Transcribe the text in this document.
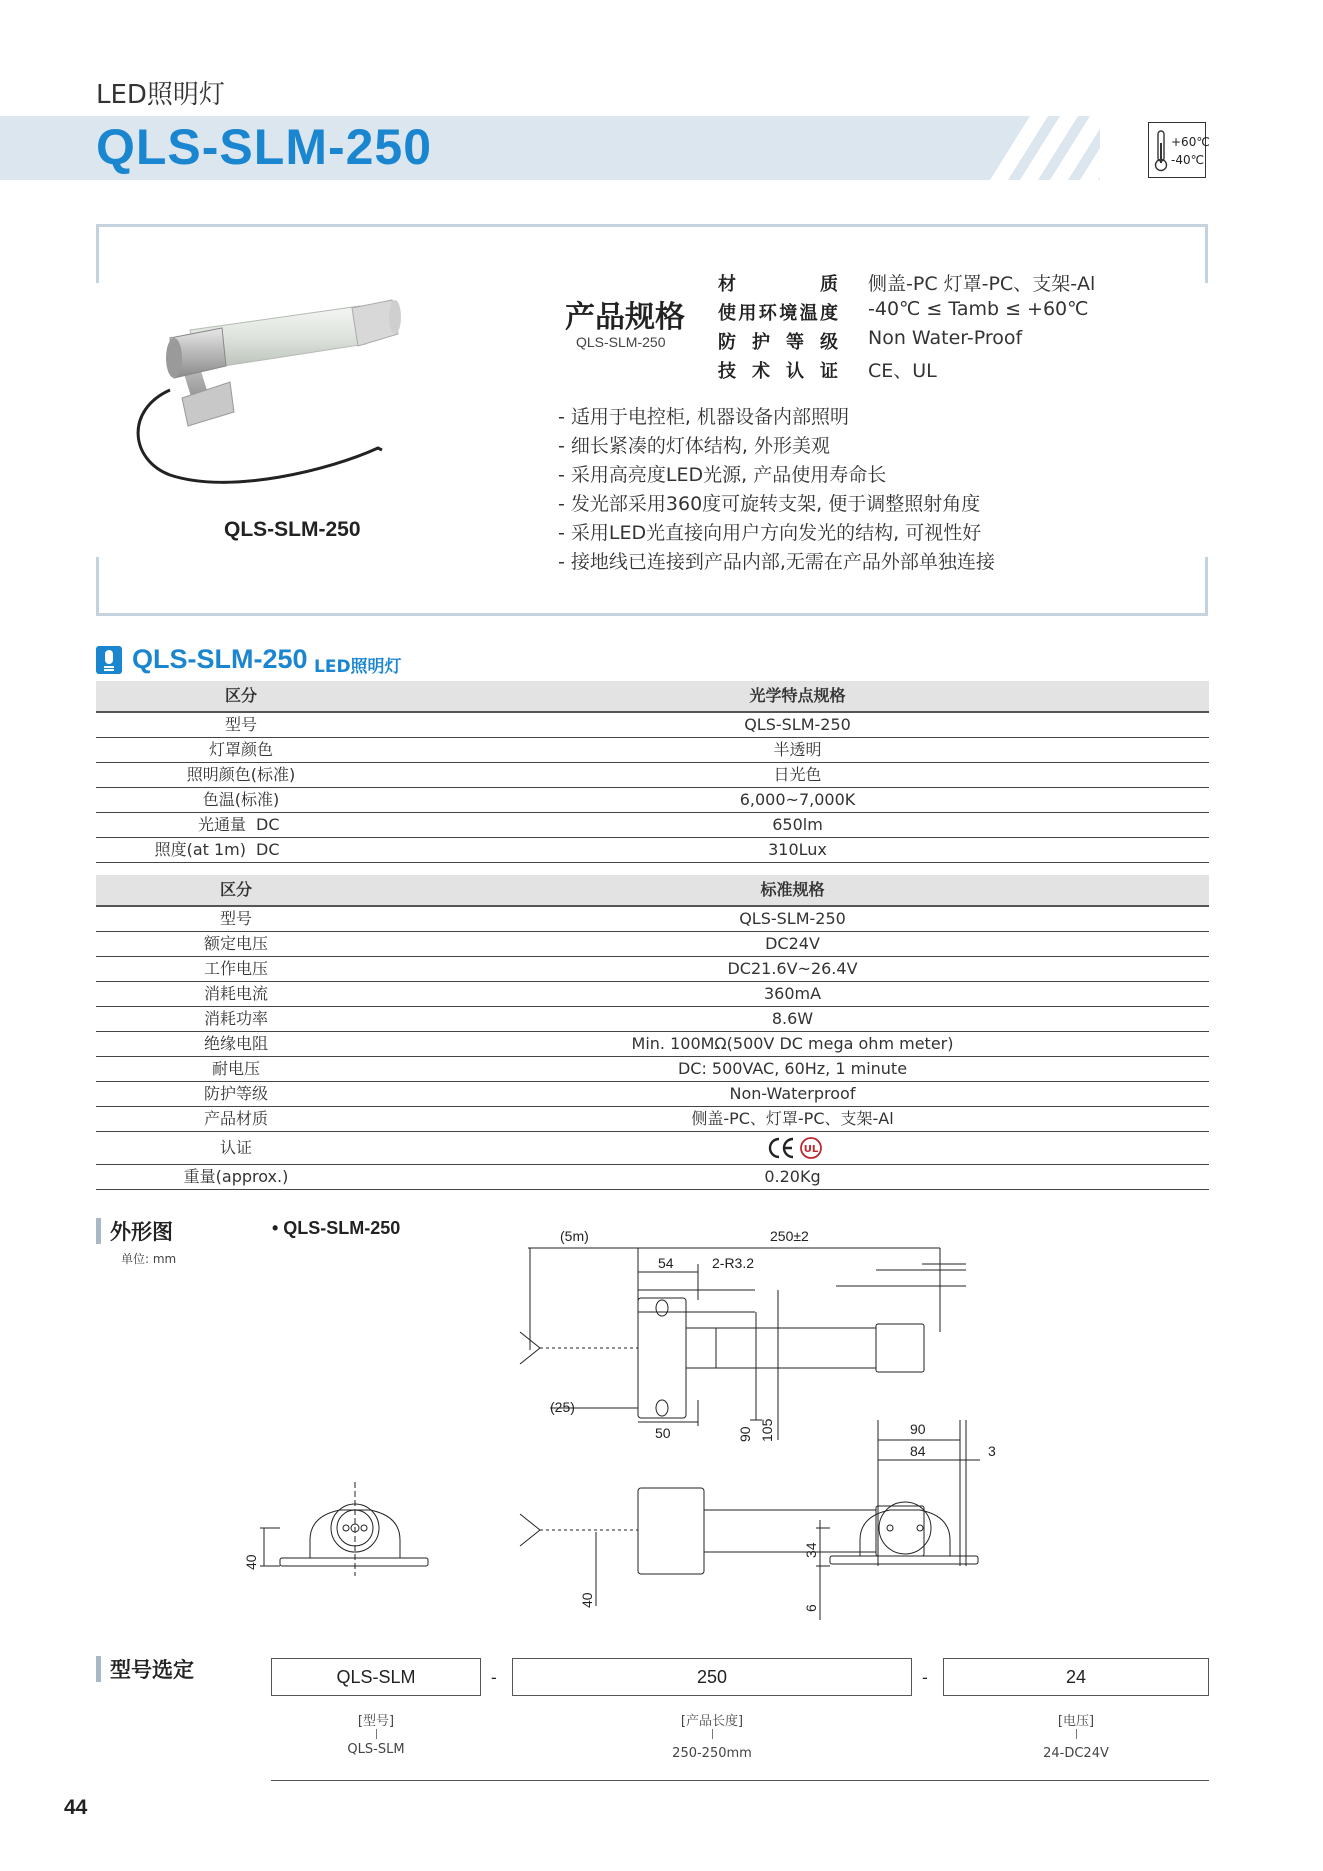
LED照明灯
QLS-SLM-250	+60℃
-40℃
QLS-SLM-250
产品规格
QLS-SLM-250
材质 侧盖-PC 灯罩-PC、支架-Al
使用环境温度 -40℃ ≤ Tamb ≤ +60℃
防护等级 Non Water-Proof
技术认证 CE、UL
- 适用于电控柜, 机器设备内部照明
- 细长紧凑的灯体结构, 外形美观
- 采用高亮度LED光源, 产品使用寿命长
- 发光部采用360度可旋转支架, 便于调整照射角度
- 采用LED光直接向用户方向发光的结构, 可视性好
- 接地线已连接到产品内部,无需在产品外部单独连接
QLS-SLM-250 LED照明灯
区分		光学特点规格
型号		QLS-SLM-250
灯罩颜色		半透明
照明颜色(标准)		日光色
色温(标准)		6,000~7,000K
光通量	DC	650lm
照度(at 1m)	DC	310Lux
区分	标准规格
型号	QLS-SLM-250
额定电压	DC24V
工作电压	DC21.6V~26.4V
消耗电流	360mA
消耗功率	8.6W
绝缘电阻	Min. 100MΩ(500V DC mega ohm meter)
耐电压	DC: 500VAC, 60Hz, 1 minute
防护等级	Non-Waterproof
产品材质	侧盖-PC、灯罩-PC、支架-Al
认证	UL

重量(approx.)	0.20Kg
外形图
单位: mm
• QLS-SLM-250	(5m)	250±2
54	2-R3.2
(25)
50	90 105
40
40
90
84	3
34
6
型号选定	QLS-SLM	-	250	-	24
[型号]
QLS-SLM
[产品长度]
250-250mm
[电压]
24-DC24V
44
